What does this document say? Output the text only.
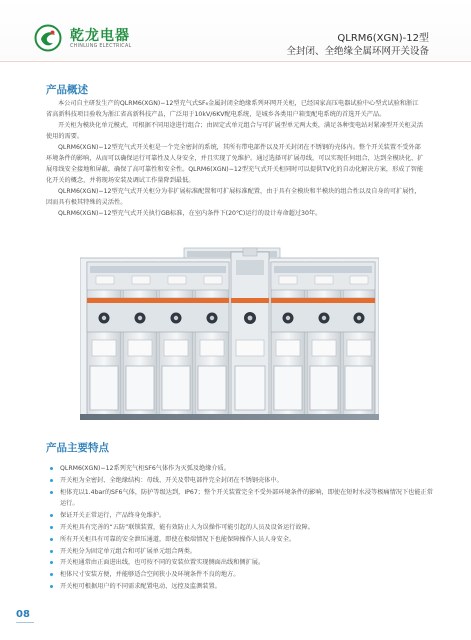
乾龙电器
CHINLUNG ELECTRICAL
QLRM6(XGN)-12型
全封闭、全绝缘全属环网开关设备
产品概述

本公司自主研发生产的QLRM6(XGN)−12型充气式SF₆金属封闭全绝缘系列环网开关柜，已经国家高压电器试验中心型式试验和浙江省高新科技项目验收为浙江省高新科技产品，广泛用于10kV/6KV配电系统，是城乡各类用户箱变配电系统的首选开关产品。

开关柜为模块化单元模式，可根据不同用途进行组合；由固定式单元组合与可扩展型单元两大类，满足各种变电站对紧凑型开关柜灵活使用的需要。

QLRM6(XGN)−12型充气式开关柜是一个完全密封的系统，其所有带电部件以及开关封闭在不锈钢的壳体内。整个开关装置不受外部环境条件的影响，从而可以确保运行可靠性及人身安全，并且实现了免维护。通过选择可扩展母线，可以实现任何组合，达到全模块化、扩展母线安全接地和屏蔽，确保了高可靠性和安全性。QLRM6(XGN)−12型充气式开关柜同时可以提供TV化的自动化解决方案，形成了智能化开关的概念，并将现场安装及调试工作量降到最低。

QLRM6(XGN)−12型充气式开关柜分为非扩展标准配置和可扩展标准配置，由于具有全模块和半模块的组合性以及自身的可扩展性，因而具有极其特殊的灵活性。

QLRM6(XGN)−12型充气式开关执行GB标准，在室内条件下(20℃)运行的设计寿命超过30年。

产品主要特点
QLRM6(XGN)−12系列充气柜SF6气体作为灭弧及绝缘介质。
开关柜为全密封、全绝缘结构：母线、开关及带电部件完全封闭在不锈钢壳体中。
柜体充以1.4bar的SF6气体，防护等级达到，IP67；整个开关装置完全不受外部环境条件的影响，即使在短时水浸等极痛情况下也能正常运行。
保证开关正常运行，产品终身免维护。
开关柜具有完善的“五防”联锁装置，能有效防止人为误操作可能引起的人员及设备运行故障。
所有开关柜具有可靠的安全泄压通道，即使在极端情况下也能保障操作人员人身安全。
开关柜分为固定单元组合和可扩展单元组合两类。
开关柜通常由正面进出线，也可按不同的安装位置实现侧面出线和侧扩展。
柜体尺寸安装方便，并能够适合空间狭小及环境条件不良的地方。
开关柜可根据用户的不同需求配置电动、远控及监测装置。
08
